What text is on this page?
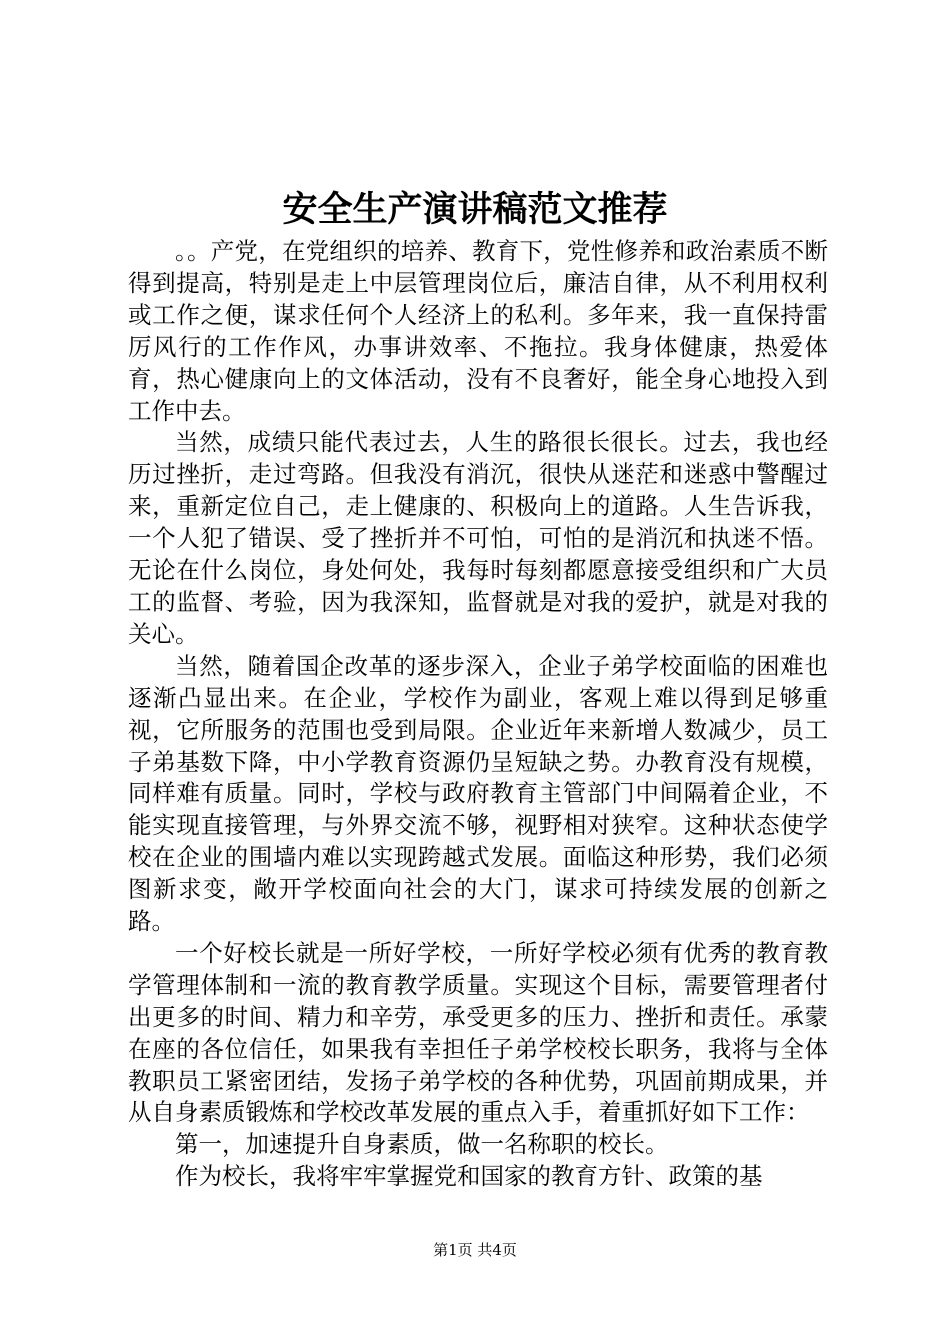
安全生产演讲稿范文推荐

。。产党，在党组织的培养、教育下，党性修养和政治素质不断得到提高，特别是走上中层管理岗位后，廉洁自律，从不利用权利或工作之便，谋求任何个人经济上的私利。多年来，我一直保持雷厉风行的工作作风，办事讲效率、不拖拉。我身体健康，热爱体育，热心健康向上的文体活动，没有不良奢好，能全身心地投入到工作中去。

当然，成绩只能代表过去，人生的路很长很长。过去，我也经历过挫折，走过弯路。但我没有消沉，很快从迷茫和迷惑中警醒过来，重新定位自己，走上健康的、积极向上的道路。人生告诉我，一个人犯了错误、受了挫折并不可怕，可怕的是消沉和执迷不悟。无论在什么岗位，身处何处，我每时每刻都愿意接受组织和广大员工的监督、考验，因为我深知，监督就是对我的爱护，就是对我的关心。

当然，随着国企改革的逐步深入，企业子弟学校面临的困难也逐渐凸显出来。在企业，学校作为副业，客观上难以得到足够重视，它所服务的范围也受到局限。企业近年来新增人数减少，员工子弟基数下降，中小学教育资源仍呈短缺之势。办教育没有规模，同样难有质量。同时，学校与政府教育主管部门中间隔着企业，不能实现直接管理，与外界交流不够，视野相对狭窄。这种状态使学校在企业的围墙内难以实现跨越式发展。面临这种形势，我们必须图新求变，敞开学校面向社会的大门，谋求可持续发展的创新之路。

一个好校长就是一所好学校，一所好学校必须有优秀的教育教学管理体制和一流的教育教学质量。实现这个目标，需要管理者付出更多的时间、精力和辛劳，承受更多的压力、挫折和责任。承蒙在座的各位信任，如果我有幸担任子弟学校校长职务，我将与全体教职员工紧密团结，发扬子弟学校的各种优势，巩固前期成果，并从自身素质锻炼和学校改革发展的重点入手，着重抓好如下工作：

第一，加速提升自身素质，做一名称职的校长。

作为校长，我将牢牢掌握党和国家的教育方针、政策的基

第1页 共4页
